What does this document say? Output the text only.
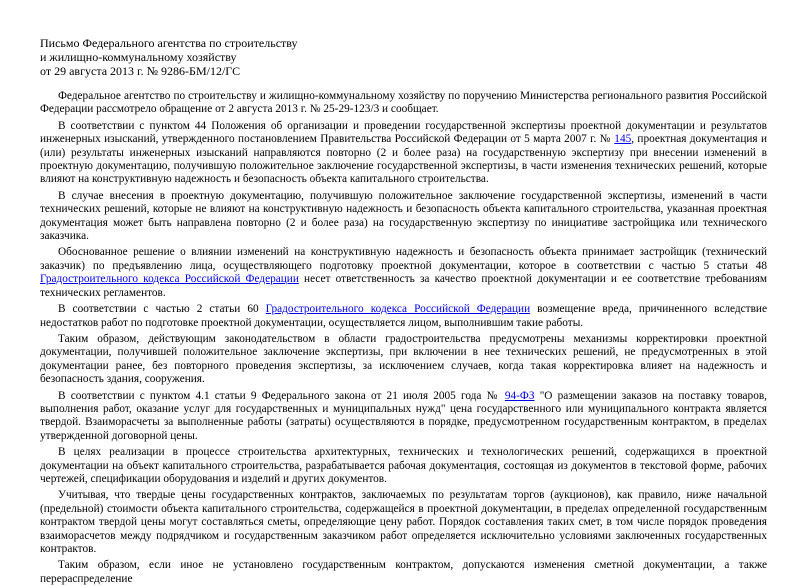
Письмо Федерального агентства по строительству
и жилищно-коммунальному хозяйству
от 29 августа 2013 г. № 9286-БМ/12/ГС

Федеральное агентство по строительству и жилищно-коммунальному хозяйству по поручению Министерства регионального развития Российской Федерации рассмотрело обращение от 2 августа 2013 г. № 25-29-123/3 и сообщает.

В соответствии с пунктом 44 Положения об организации и проведении государственной экспертизы проектной документации и результатов инженерных изысканий, утвержденного постановлением Правительства Российской Федерации от 5 марта 2007 г. № 145, проектная документация и (или) результаты инженерных изысканий направляются повторно (2 и более раза) на государственную экспертизу при внесении изменений в проектную документацию, получившую положительное заключение государственной экспертизы, в части изменения технических решений, которые влияют на конструктивную надежность и безопасность объекта капитального строительства.

В случае внесения в проектную документацию, получившую положительное заключение государственной экспертизы, изменений в части технических решений, которые не влияют на конструктивную надежность и безопасность объекта капитального строительства, указанная проектная документация может быть направлена повторно (2 и более раза) на государственную экспертизу по инициативе застройщика или технического заказчика.

Обоснованное решение о влиянии изменений на конструктивную надежность и безопасность объекта принимает застройщик (технический заказчик) по предъявлению лица, осуществляющего подготовку проектной документации, которое в соответствии с частью 5 статьи 48 Градостроительного кодекса Российской Федерации несет ответственность за качество проектной документации и ее соответствие требованиям технических регламентов.

В соответствии с частью 2 статьи 60 Градостроительного кодекса Российской Федерации возмещение вреда, причиненного вследствие недостатков работ по подготовке проектной документации, осуществляется лицом, выполнившим такие работы.

Таким образом, действующим законодательством в области градостроительства предусмотрены механизмы корректировки проектной документации, получившей положительное заключение экспертизы, при включении в нее технических решений, не предусмотренных в этой документации ранее, без повторного проведения экспертизы, за исключением случаев, когда такая корректировка влияет на надежность и безопасность здания, сооружения.

В соответствии с пунктом 4.1 статьи 9 Федерального закона от 21 июля 2005 года № 94-ФЗ "О размещении заказов на поставку товаров, выполнения работ, оказание услуг для государственных и муниципальных нужд" цена государственного или муниципального контракта является твердой. Взаиморасчеты за выполненные работы (затраты) осуществляются в порядке, предусмотренном государственным контрактом, в пределах утвержденной договорной цены.

В целях реализации в процессе строительства архитектурных, технических и технологических решений, содержащихся в проектной документации на объект капитального строительства, разрабатывается рабочая документация, состоящая из документов в текстовой форме, рабочих чертежей, спецификации оборудования и изделий и других документов.

Учитывая, что твердые цены государственных контрактов, заключаемых по результатам торгов (аукционов), как правило, ниже начальной (предельной) стоимости объекта капитального строительства, содержащейся в проектной документации, в пределах определенной государственным контрактом твердой цены могут составляться сметы, определяющие цену работ. Порядок составления таких смет, в том числе порядок проведения взаиморасчетов между подрядчиком и государственным заказчиком работ определяется исключительно условиями заключенных государственных контрактов.

Таким образом, если иное не установлено государственным контрактом, допускаются изменения сметной документации, а также перераспределение
